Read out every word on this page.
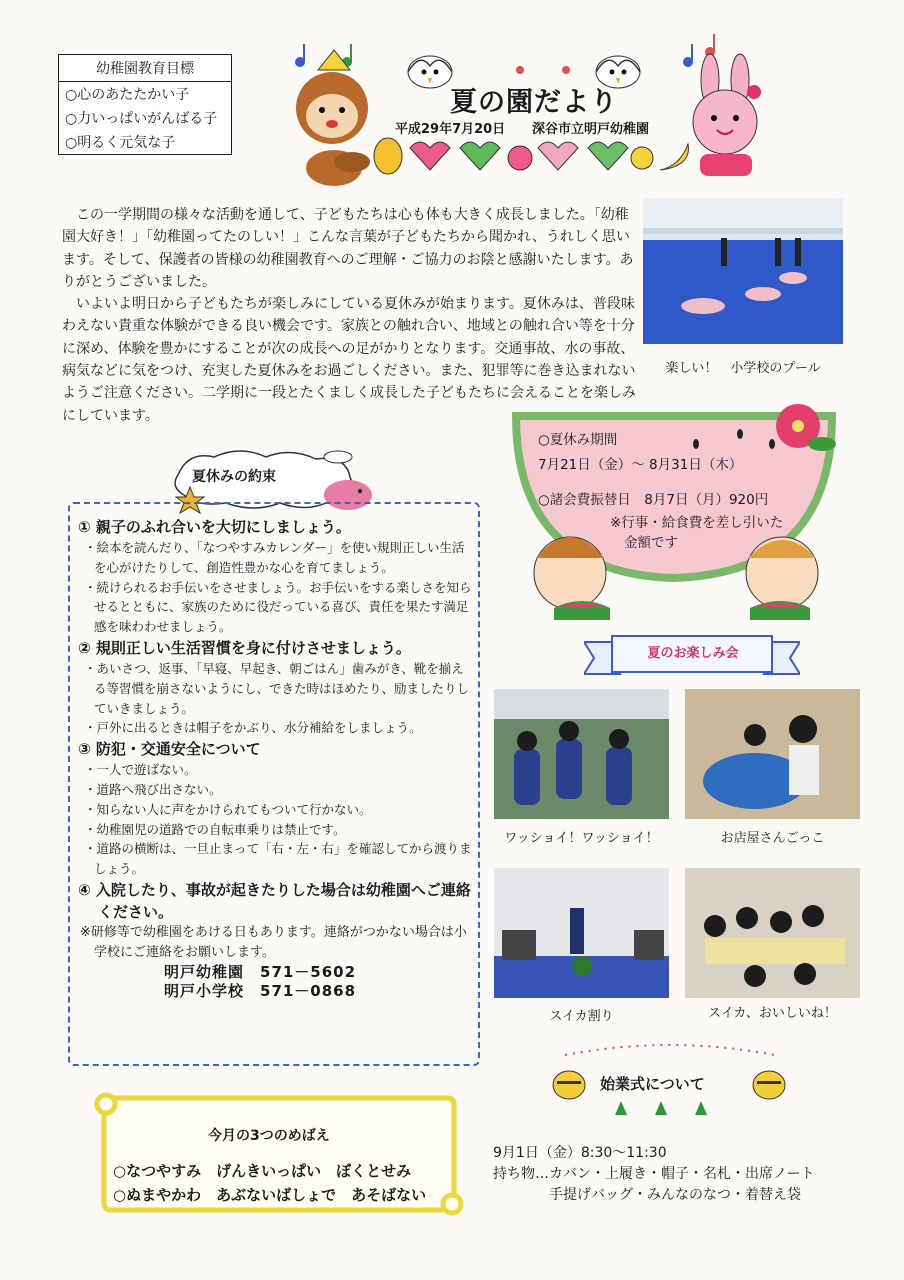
幼稚園教育目標
○心のあたたかい子
○力いっぱいがんばる子
○明るく元気な子
夏の園だより
平成29年7月20日 深谷市立明戸幼稚園

この一学期間の様々な活動を通して、子どもたちは心も体も大きく成長しました。「幼稚園大好き！」「幼稚園ってたのしい！」こんな言葉が子どもたちから聞かれ、うれしく思います。そして、保護者の皆様の幼稚園教育へのご理解・ご協力のお陰と感謝いたします。ありがとうございました。

いよいよ明日から子どもたちが楽しみにしている夏休みが始まります。夏休みは、普段味わえない貴重な体験ができる良い機会です。家族との触れ合い、地域との触れ合い等を十分に深め、体験を豊かにすることが次の成長への足がかりとなります。交通事故、水の事故、病気などに気をつけ、充実した夏休みをお過ごしください。また、犯罪等に巻き込まれないようご注意ください。二学期に一段とたくましく成長した子どもたちに会えることを楽しみにしています。

楽しい！　小学校のプール
○夏休み期間
7月21日（金）～ 8月31日（木）
○諸会費振替日　8月7日（月）920円
※行事・給食費を差し引いた
金額です
夏休みの約束
① 親子のふれ合いを大切にしましょう。
・絵本を読んだり、「なつやすみカレンダー」を使い規則正しい生活を心がけたりして、創造性豊かな心を育てましょう。
・続けられるお手伝いをさせましょう。お手伝いをする楽しさを知らせるとともに、家族のために役だっている喜び、責任を果たす満足感を味わわせましょう。
② 規則正しい生活習慣を身に付けさせましょう。
・あいさつ、返事、「早寝、早起き、朝ごはん」歯みがき、靴を揃える等習慣を崩さないようにし、できた時はほめたり、励ましたりしていきましょう。
・戸外に出るときは帽子をかぶり、水分補給をしましょう。
③ 防犯・交通安全について
・一人で遊ばない。
・道路へ飛び出さない。
・知らない人に声をかけられてもついて行かない。
・幼稚園児の道路での自転車乗りは禁止です。
・道路の横断は、一旦止まって「右・左・右」を確認してから渡りましょう。
④ 入院したり、事故が起きたりした場合は幼稚園へご連絡ください。
※研修等で幼稚園をあける日もあります。連絡がつかない場合は小学校にご連絡をお願いします。
明戸幼稚園　571－5602
明戸小学校　571－0868
夏のお楽しみ会
ワッショイ！ワッショイ！	お店屋さんごっこ
スイカ割り	スイカ、おいしいね！
今月の3つのめばえ
○なつやすみ　げんきいっぱい　ぼくとせみ
○ぬまやかわ　あぶないばしょで　あそばない
始業式について
9月1日（金）8:30～11:30
持ち物…カバン・上履き・帽子・名札・出席ノート
手提げバッグ・みんなのなつ・着替え袋
